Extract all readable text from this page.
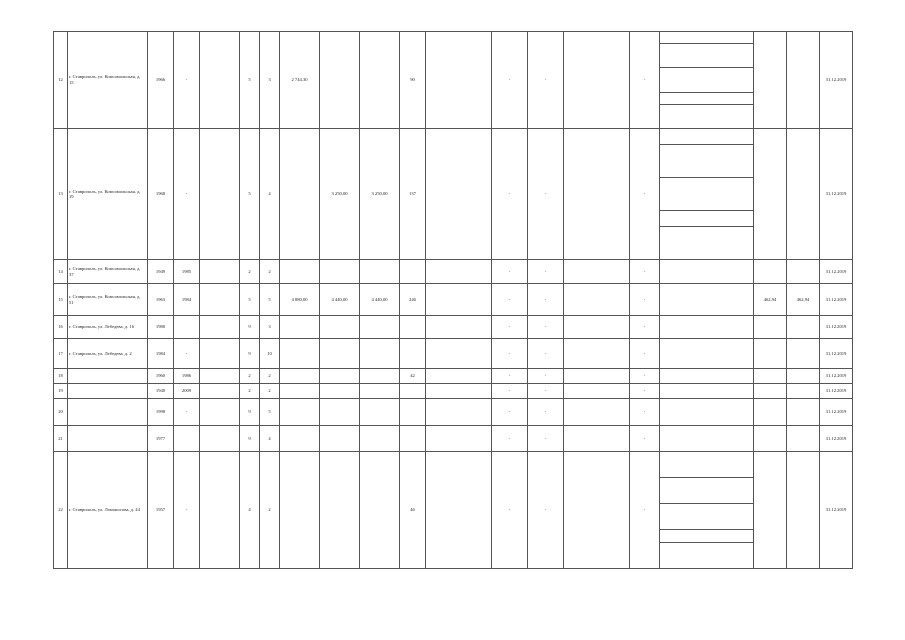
12	г. Ставрополь, ул. Комсомольская, д. 15	1966	-		5	3	2 744,30			90		-	-		-				31.12.2019

13	г. Ставрополь, ул. Комсомольская, д. 19	1968	-		5	4		3 250,00	3 250,00	137		-	-		-				31.12.2019

14	г. Ставрополь, ул. Комсомольская, д. 37	1949	1985		2	2						-	-		-				31.12.2019
15	г. Ставрополь, ул. Комсомольская, д. 51	1963	1984		5	5	4 880,00	4 440,00	4 440,00	246		-	-		-		462,94	462,94	31.12.2019
16	г. Ставрополь, ул. Лебедева, д. 16	1980			9	3						-	-		-				31.12.2019
17	г. Ставрополь, ул. Лебедева, д. 2	1984	-		9	10						-	-		-				31.12.2019
18		1960	1986		2	2				42		-	-		-				31.12.2019
19		1940	2009		2	2						-	-		-				31.12.2019
20		1998	-		9	5						-	-		-				31.12.2019
21		1977			9	4						-	-		-				31.12.2019
22	г. Ставрополь, ул. Ломоносова, д. 44	1957	-		4	2				46		-	-		-				31.12.2019
